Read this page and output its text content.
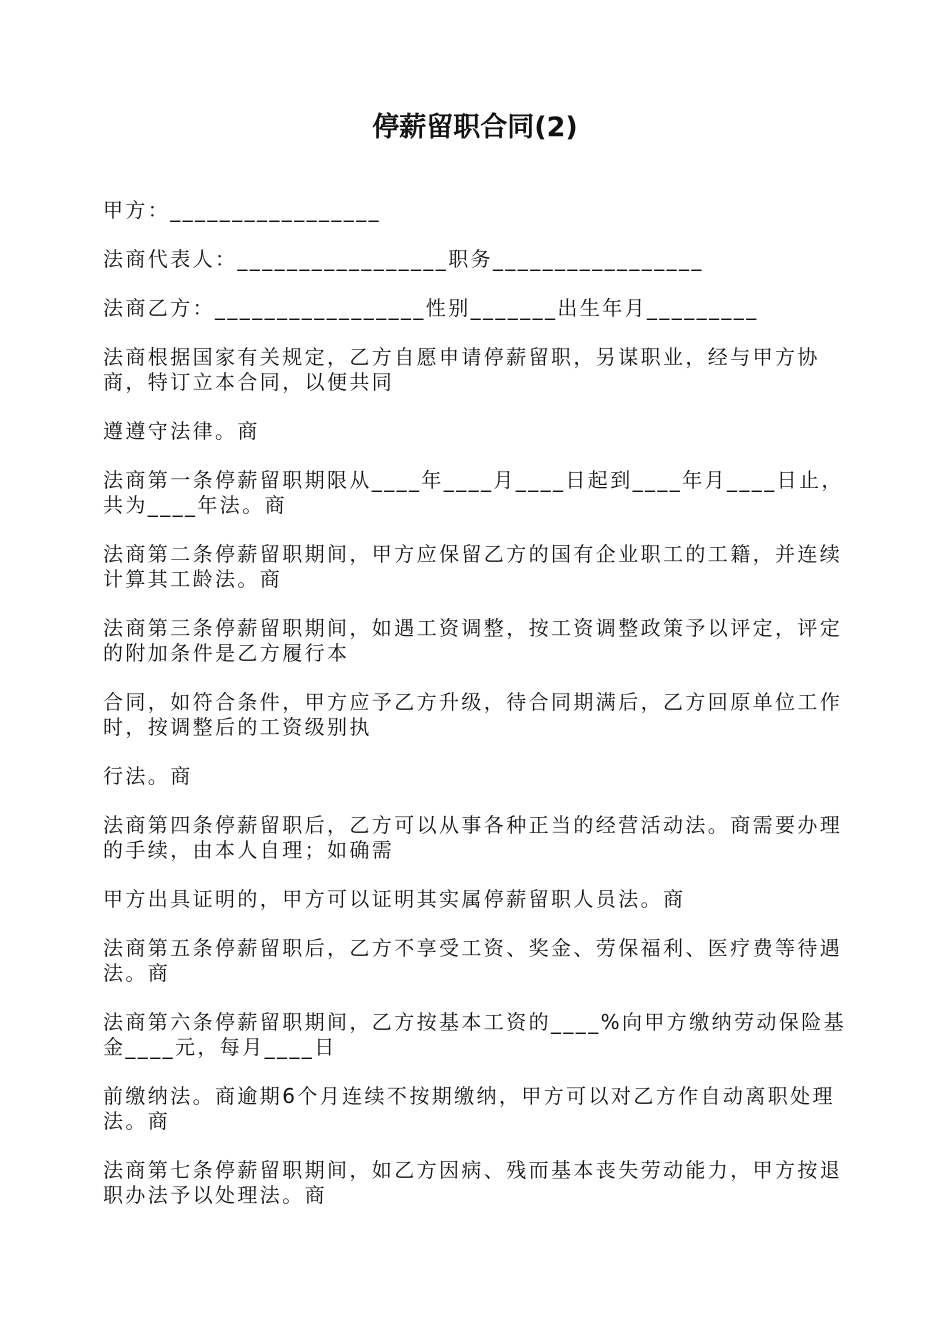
停薪留职合同(2)

甲方：_________________

法商代表人：_________________职务_________________

法商乙方：_________________性别_______出生年月_________

法商根据国家有关规定，乙方自愿申请停薪留职，另谋职业，经与甲方协商，特订立本合同，以便共同

遵遵守法律。商

法商第一条停薪留职期限从____年____月____日起到____年月____日止，共为____年法。商

法商第二条停薪留职期间，甲方应保留乙方的国有企业职工的工籍，并连续计算其工龄法。商

法商第三条停薪留职期间，如遇工资调整，按工资调整政策予以评定，评定的附加条件是乙方履行本

合同，如符合条件，甲方应予乙方升级，待合同期满后，乙方回原单位工作时，按调整后的工资级别执

行法。商

法商第四条停薪留职后，乙方可以从事各种正当的经营活动法。商需要办理的手续，由本人自理；如确需

甲方出具证明的，甲方可以证明其实属停薪留职人员法。商

法商第五条停薪留职后，乙方不享受工资、奖金、劳保福利、医疗费等待遇法。商

法商第六条停薪留职期间，乙方按基本工资的____%向甲方缴纳劳动保险基金____元，每月____日

前缴纳法。商逾期6个月连续不按期缴纳，甲方可以对乙方作自动离职处理法。商

法商第七条停薪留职期间，如乙方因病、残而基本丧失劳动能力，甲方按退职办法予以处理法。商
